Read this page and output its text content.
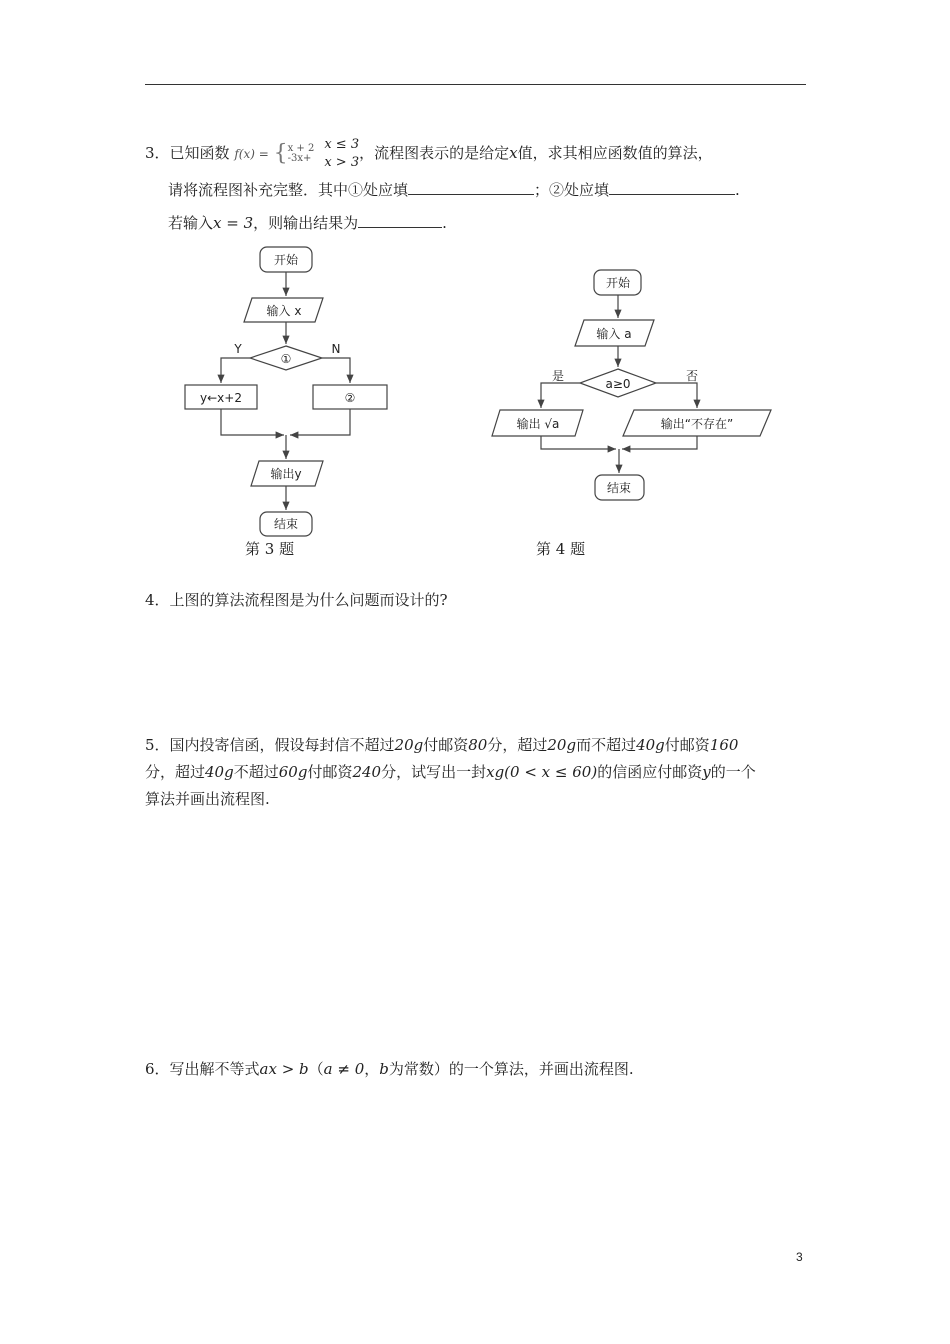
3．已知函数 f(x) = { x + 2
-3x+
x ≤ 3
x > 3
，流程图表示的是给定x值，求其相应函数值的算法，
请将流程图补充完整．其中①处应填	；②处应填	.
若输入x = 3，则输出结果为	.
开始
输入 x
①
Y	N
y←x+2	②
输出y
结束
开始
输入 a
a≥0
是	否
输出 √a	输出“不存在”
结束
第 3 题	第 4 题
4．上图的算法流程图是为什么问题而设计的?
5．国内投寄信函，假设每封信不超过20g付邮资80分，超过20g而不超过40g付邮资160
分，超过40g不超过60g付邮资240分，试写出一封xg(0 < x ≤ 60)的信函应付邮资y的一个
算法并画出流程图.
6．写出解不等式ax > b（a ≠ 0，b为常数）的一个算法，并画出流程图.
3
